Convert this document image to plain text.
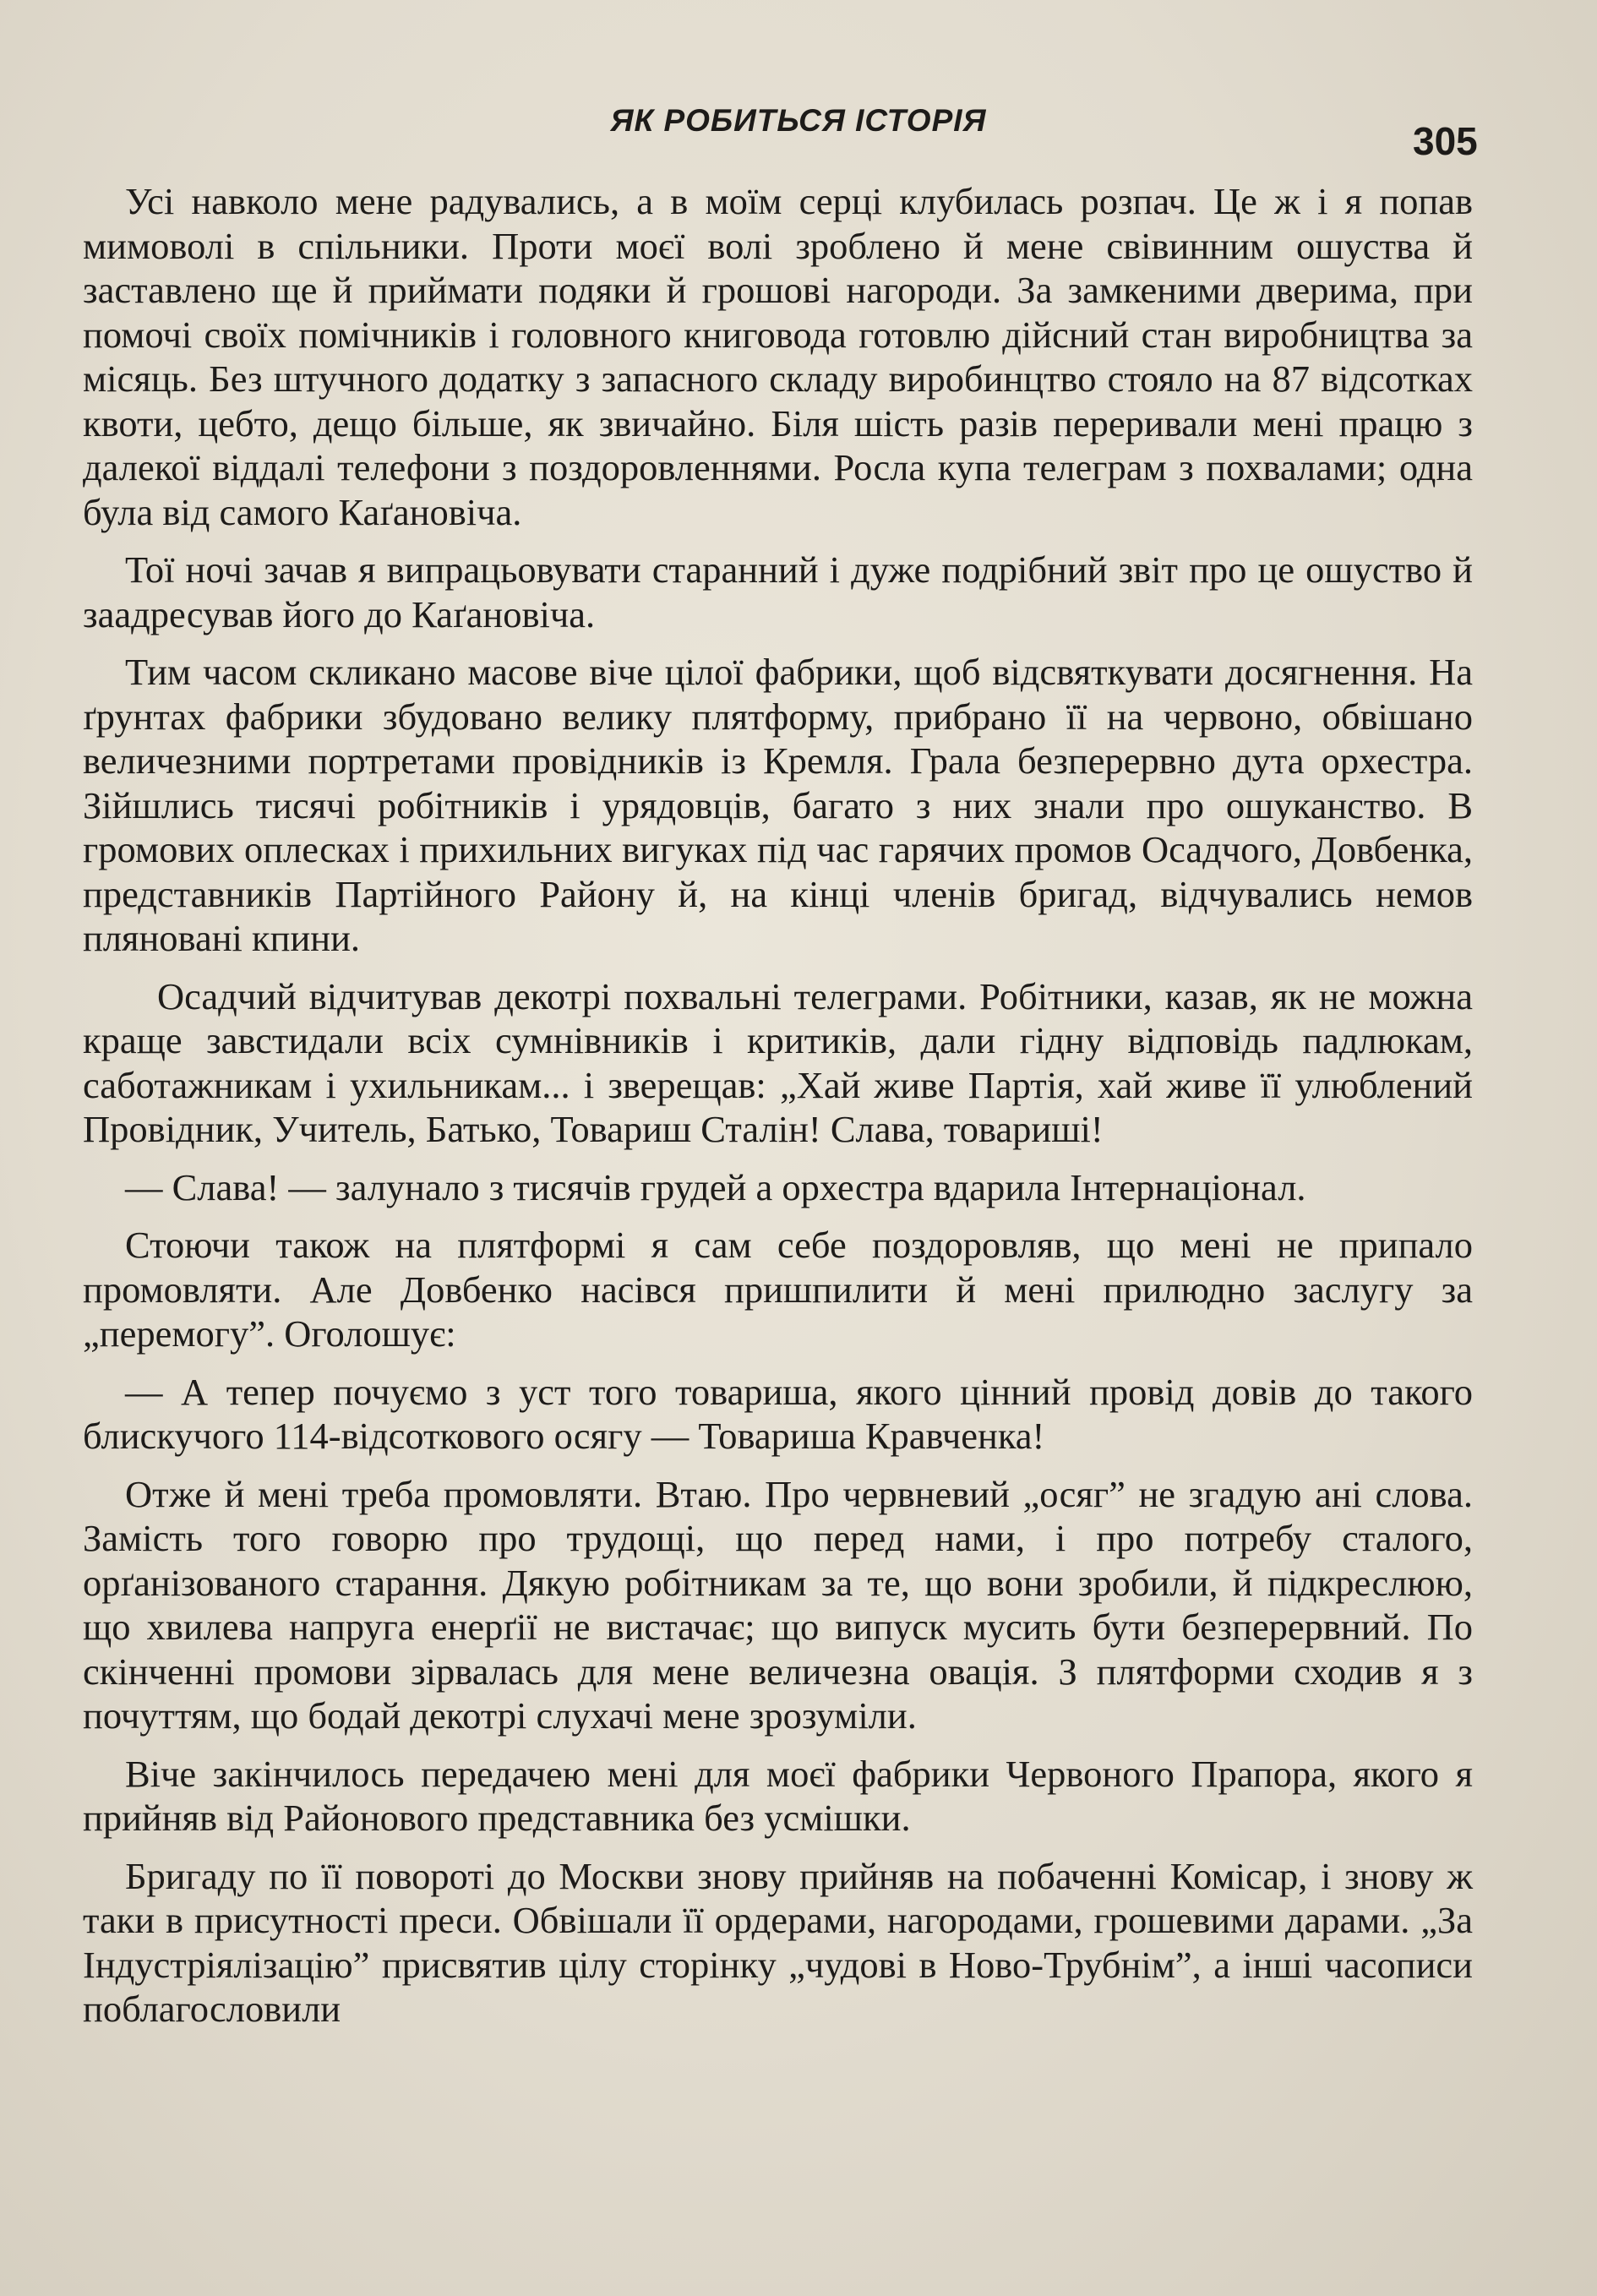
ЯК РОБИТЬСЯ ІСТОРІЯ	305

Усі навколо мене радувались, а в моїм серці клубилась розпач. Це ж і я попав мимоволі в спільники. Проти моєї волі зроблено й мене свівинним ошуства й заставлено ще й приймати подяки й грошові нагороди. За замкеними дверима, при помочі своїх помічників і головного книговода готовлю дійсний стан виробництва за місяць. Без штучного додатку з запасного складу виробинцтво стояло на 87 відсотках квоти, цебто, дещо більше, як звичайно. Біля шість разів переривали мені працю з далекої віддалі телефони з поздоровленнями. Росла купа телеграм з похвалами; одна була від самого Каґановіча.

Тої ночі зачав я випрацьовувати старанний і дуже подрібний звіт про це ошуство й заадресував його до Каґановіча.

Тим часом скликано масове віче цілої фабрики, щоб відсвяткувати досягнення. На ґрунтах фабрики збудовано велику плятформу, прибрано її на червоно, обвішано величезними портретами провідників із Кремля. Грала безперервно дута орхестра. Зійшлись тисячі робітників і урядовців, багато з них знали про ошуканство. В громових оплесках і прихильних вигуках під час гарячих промов Осадчого, Довбенка, представників Партійного Району й, на кінці членів бригад, відчувались немов пляновані кпини.

Осадчий відчитував декотрі похвальні телеграми. Робітники, казав, як не можна краще завстидали всіх сумнівників і критиків, дали гідну відповідь падлюкам, саботажникам і ухильникам... і зверещав: „Хай живе Партія, хай живе її улюблений Провідник, Учитель, Батько, Товариш Сталін! Слава, товариші!

— Слава! — залунало з тисячів грудей а орхестра вдарила Інтернаціонал.

Стоючи також на плятформі я сам себе поздоровляв, що мені не припало промовляти. Але Довбенко насівся пришпилити й мені прилюдно заслугу за „перемогу”. Оголошує:

— А тепер почуємо з уст того товариша, якого цінний провід довів до такого блискучого 114-відсоткового осягу — Товариша Кравченка!

Отже й мені треба промовляти. Втаю. Про червневий „осяг” не згадую ані слова. Замість того говорю про трудощі, що перед нами, і про потребу сталого, орґанізованого старання. Дякую робітникам за те, що вони зробили, й підкреслюю, що хвилева напруга енерґії не вистачає; що випуск мусить бути безперервний. По скінченні промови зірвалась для мене величезна овація. З плятформи сходив я з почуттям, що бодай декотрі слухачі мене зрозуміли.

Віче закінчилось передачею мені для моєї фабрики Червоного Прапора, якого я прийняв від Районового представника без усмішки.

Бригаду по її повороті до Москви знову прийняв на побаченні Комісар, і знову ж таки в присутності преси. Обвішали її ордерами, нагородами, грошевими дарами. „За Індустріялізацію” присвятив цілу сторінку „чудові в Ново-Трубнім”, а інші часописи поблагословили
